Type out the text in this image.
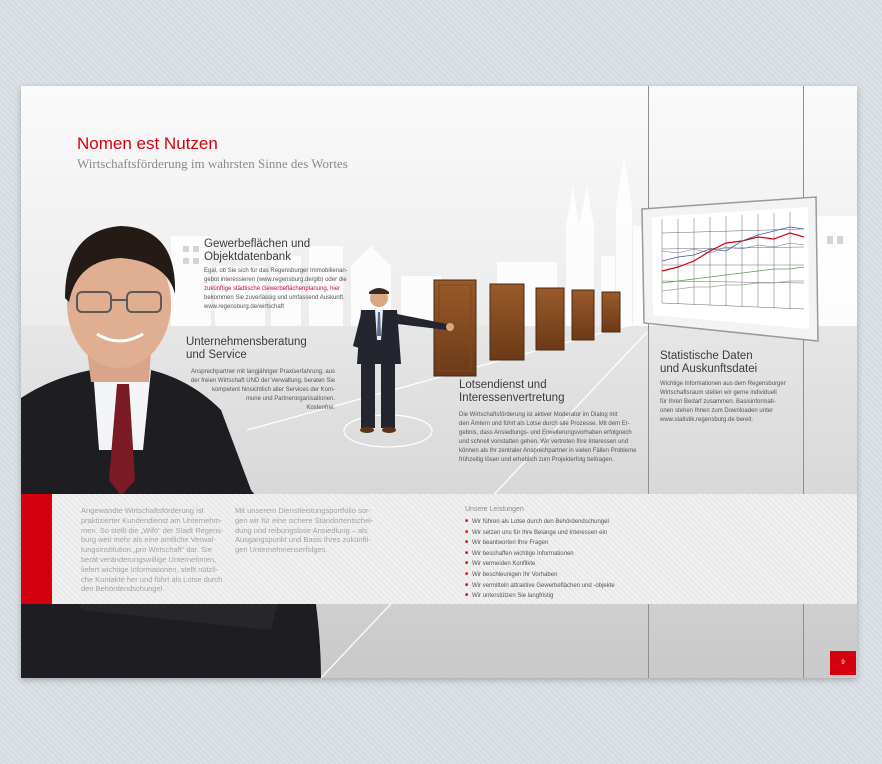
Nomen est Nutzen
Wirtschaftsförderung im wahrsten Sinne des Wortes
Gewerbeflächen und
Objektdatenbank
Egal, ob Sie sich für das Regensburger Immobilienan-
gebot interessieren (www.regensburg.de/gib) oder die
zukünftige städtische Gewerbeflächenplanung, hier
bekommen Sie zuverlässig und umfassend Auskunft.
www.regensburg.de/wirtschaft
Unternehmensberatung
und Service
Ansprechpartner mit langjähriger Praxiserfahrung, aus
der freien Wirtschaft UND der Verwaltung, beraten Sie
kompetent hinsichtlich aller Services der Kom-
mune und Partnerorganisationen.
Kostenfrei.
Lotsendienst und
Interessenvertretung
Die Wirtschaftsförderung ist aktiver Moderator im Dialog mit
den Ämtern und führt als Lotse durch alle Prozesse. Mit dem Er-
gebnis, dass Ansiedlungs- und Erweiterungsvorhaben erfolgreich
und schnell vonstatten gehen. Wir vertreten Ihre Interessen und
können als Ihr zentraler Ansprechpartner in vielen Fällen Probleme
frühzeitig lösen und erheblich zum Projekterfolg beitragen.
Statistische Daten
und Auskunftsdatei
Wichtige Informationen aus dem Regensburger
Wirtschaftsraum stellen wir gerne individuell
für Ihren Bedarf zusammen. Basisinformati-
onen stehen Ihnen zum Downloaden unter
www.statistik.regensburg.de bereit.
Angewandte Wirtschaftsförderung ist
praktizierter Kundendienst am Unternehm-
men. So stellt die „Wifö“ der Stadt Regens-
burg weit mehr als eine amtliche Verwal-
tungsinstitution „pro Wirtschaft“ dar. Sie
berät veränderungswillige Unternehmen,
liefert wichtige Informationen, stellt nützli-
che Kontakte her und führt als Lotse durch
den Behördendschungel.
Mit unserem Dienstleistungsportfolio sor-
gen wir für eine sichere Standortentschei-
dung und reibungslose Ansiedlung – als
Ausgangspunkt und Basis Ihres zukünfti-
gen Unternehmenserfolges.
Unsere Leistungen
■ Wir führen als Lotse durch den Behördendschungel
■ Wir setzen uns für Ihre Belange und Interessen ein
■ Wir beantworten Ihre Fragen
■ Wir beschaffen wichtige Informationen
■ Wir vermeiden Konflikte
■ Wir beschleunigen Ihr Vorhaben
■ Wir vermitteln attraktive Gewerbeflächen und -objekte
■ Wir unterstützen Sie langfristig
9
